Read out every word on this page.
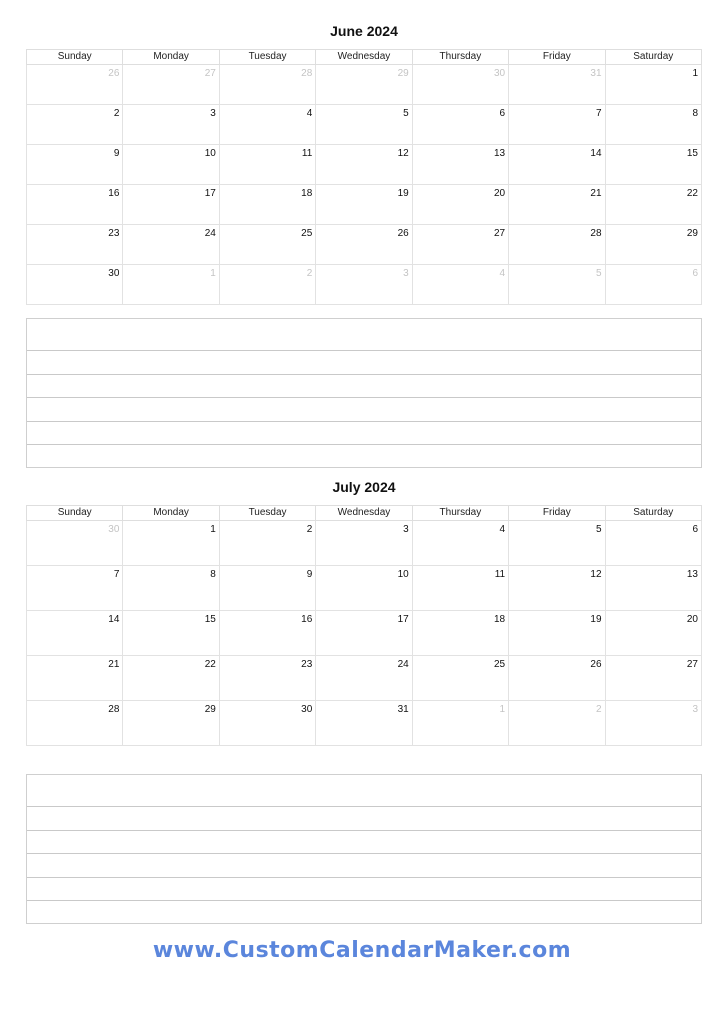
June 2024
Sunday	Monday	Tuesday	Wednesday	Thursday	Friday	Saturday

26	27	28	29	30	31	1

2	3	4	5	6	7	8

9	10	11	12	13	14	15

16	17	18	19	20	21	22

23	24	25	26	27	28	29

30	1	2	3	4	5	6
July 2024
Sunday	Monday	Tuesday	Wednesday	Thursday	Friday	Saturday

30	1	2	3	4	5	6

7	8	9	10	11	12	13

14	15	16	17	18	19	20

21	22	23	24	25	26	27

28	29	30	31	1	2	3
www.CustomCalendarMaker.com
